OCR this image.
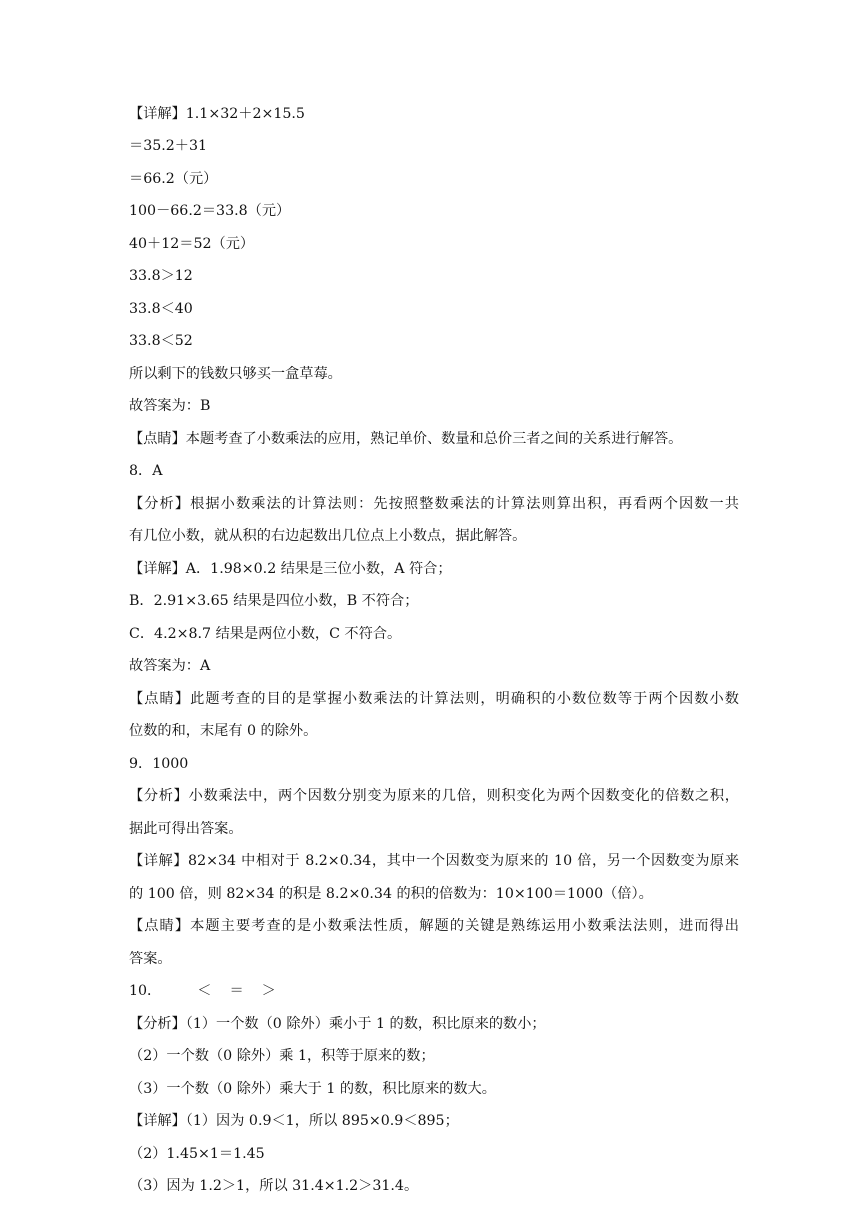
【详解】1.1×32＋2×15.5
＝35.2＋31
＝66.2（元）
100－66.2＝33.8（元）
40＋12＝52（元）
33.8＞12
33.8＜40
33.8＜52
所以剩下的钱数只够买一盒草莓。
故答案为：B
【点睛】本题考查了小数乘法的应用，熟记单价、数量和总价三者之间的关系进行解答。
8．A
【分析】根据小数乘法的计算法则：先按照整数乘法的计算法则算出积，再看两个因数一共
有几位小数，就从积的右边起数出几位点上小数点，据此解答。
【详解】A．1.98×0.2 结果是三位小数，A 符合；
B．2.91×3.65 结果是四位小数，B 不符合；
C．4.2×8.7 结果是两位小数，C 不符合。
故答案为：A
【点睛】此题考查的目的是掌握小数乘法的计算法则，明确积的小数位数等于两个因数小数
位数的和，末尾有 0 的除外。
9．1000
【分析】小数乘法中，两个因数分别变为原来的几倍，则积变化为两个因数变化的倍数之积，
据此可得出答案。
【详解】82×34 中相对于 8.2×0.34，其中一个因数变为原来的 10 倍，另一个因数变为原来
的 100 倍，则 82×34 的积是 8.2×0.34 的积的倍数为：10×100＝1000（倍）。
【点睛】本题主要考查的是小数乘法性质，解题的关键是熟练运用小数乘法法则，进而得出
答案。
10．	＜ ＝ ＞
【分析】（1）一个数（0 除外）乘小于 1 的数，积比原来的数小；
（2）一个数（0 除外）乘 1，积等于原来的数；
（3）一个数（0 除外）乘大于 1 的数，积比原来的数大。
【详解】（1）因为 0.9＜1，所以 895×0.9＜895；
（2）1.45×1＝1.45
（3）因为 1.2＞1，所以 31.4×1.2＞31.4。
